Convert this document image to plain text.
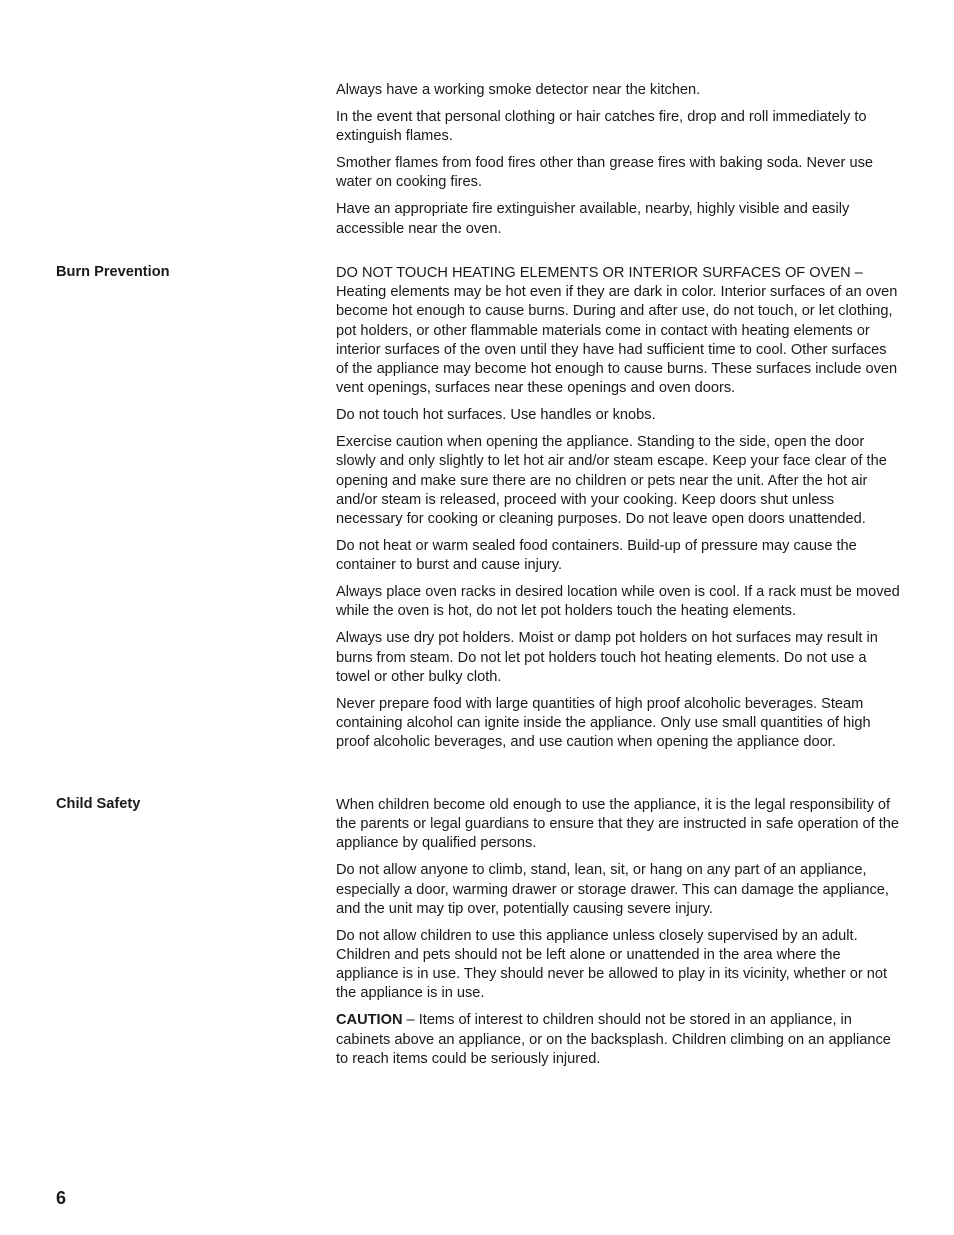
Always have a working smoke detector near the kitchen.

In the event that personal clothing or hair catches fire, drop and roll immediately to extinguish flames.

Smother flames from food fires other than grease fires with baking soda. Never use water on cooking fires.

Have an appropriate fire extinguisher available, nearby, highly visible and easily accessible near the oven.

Burn Prevention	DO NOT TOUCH HEATING ELEMENTS OR INTERIOR SURFACES OF OVEN – Heating elements may be hot even if they are dark in color. Interior surfaces of an oven become hot enough to cause burns. During and after use, do not touch, or let clothing, pot holders, or other flammable materials come in contact with heating elements or interior surfaces of the oven until they have had sufficient time to cool. Other surfaces of the appliance may become hot enough to cause burns. These surfaces include oven vent openings, surfaces near these openings and oven doors.

Do not touch hot surfaces. Use handles or knobs.

Exercise caution when opening the appliance. Standing to the side, open the door slowly and only slightly to let hot air and/or steam escape. Keep your face clear of the opening and make sure there are no children or pets near the unit. After the hot air and/or steam is released, proceed with your cooking. Keep doors shut unless necessary for cooking or cleaning purposes. Do not leave open doors unattended.

Do not heat or warm sealed food containers. Build-up of pressure may cause the container to burst and cause injury.

Always place oven racks in desired location while oven is cool. If a rack must be moved while the oven is hot, do not let pot holders touch the heating elements.

Always use dry pot holders. Moist or damp pot holders on hot surfaces may result in burns from steam. Do not let pot holders touch hot heating elements. Do not use a towel or other bulky cloth.

Never prepare food with large quantities of high proof alcoholic beverages. Steam containing alcohol can ignite inside the appliance. Only use small quantities of high proof alcoholic beverages, and use caution when opening the appliance door.

Child Safety	When children become old enough to use the appliance, it is the legal responsibility of the parents or legal guardians to ensure that they are instructed in safe operation of the appliance by qualified persons.

Do not allow anyone to climb, stand, lean, sit, or hang on any part of an appliance, especially a door, warming drawer or storage drawer. This can damage the appliance, and the unit may tip over, potentially causing severe injury.

Do not allow children to use this appliance unless closely supervised by an adult. Children and pets should not be left alone or unattended in the area where the appliance is in use. They should never be allowed to play in its vicinity, whether or not the appliance is in use.

CAUTION – Items of interest to children should not be stored in an appliance, in cabinets above an appliance, or on the backsplash. Children climbing on an appliance to reach items could be seriously injured.

6
